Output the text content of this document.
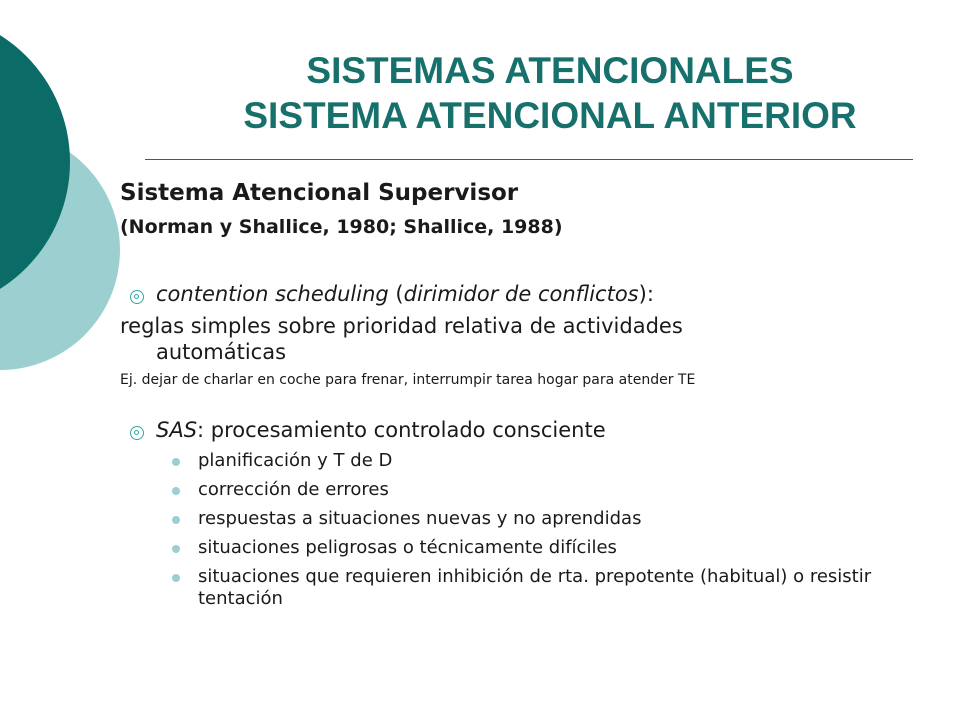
SISTEMAS ATENCIONALES
SISTEMA ATENCIONAL ANTERIOR
Sistema Atencional Supervisor
(Norman y Shallice, 1980; Shallice, 1988)
contention scheduling (dirimidor de conflictos):
reglas simples sobre prioridad relativa de actividades
automáticas
Ej. dejar de charlar en coche para frenar, interrumpir tarea hogar para atender TE
SAS: procesamiento controlado consciente
planificación y T de D
corrección de errores
respuestas a situaciones nuevas y no aprendidas
situaciones peligrosas o técnicamente difíciles
situaciones que requieren inhibición de rta. prepotente (habitual) o resistir tentación
